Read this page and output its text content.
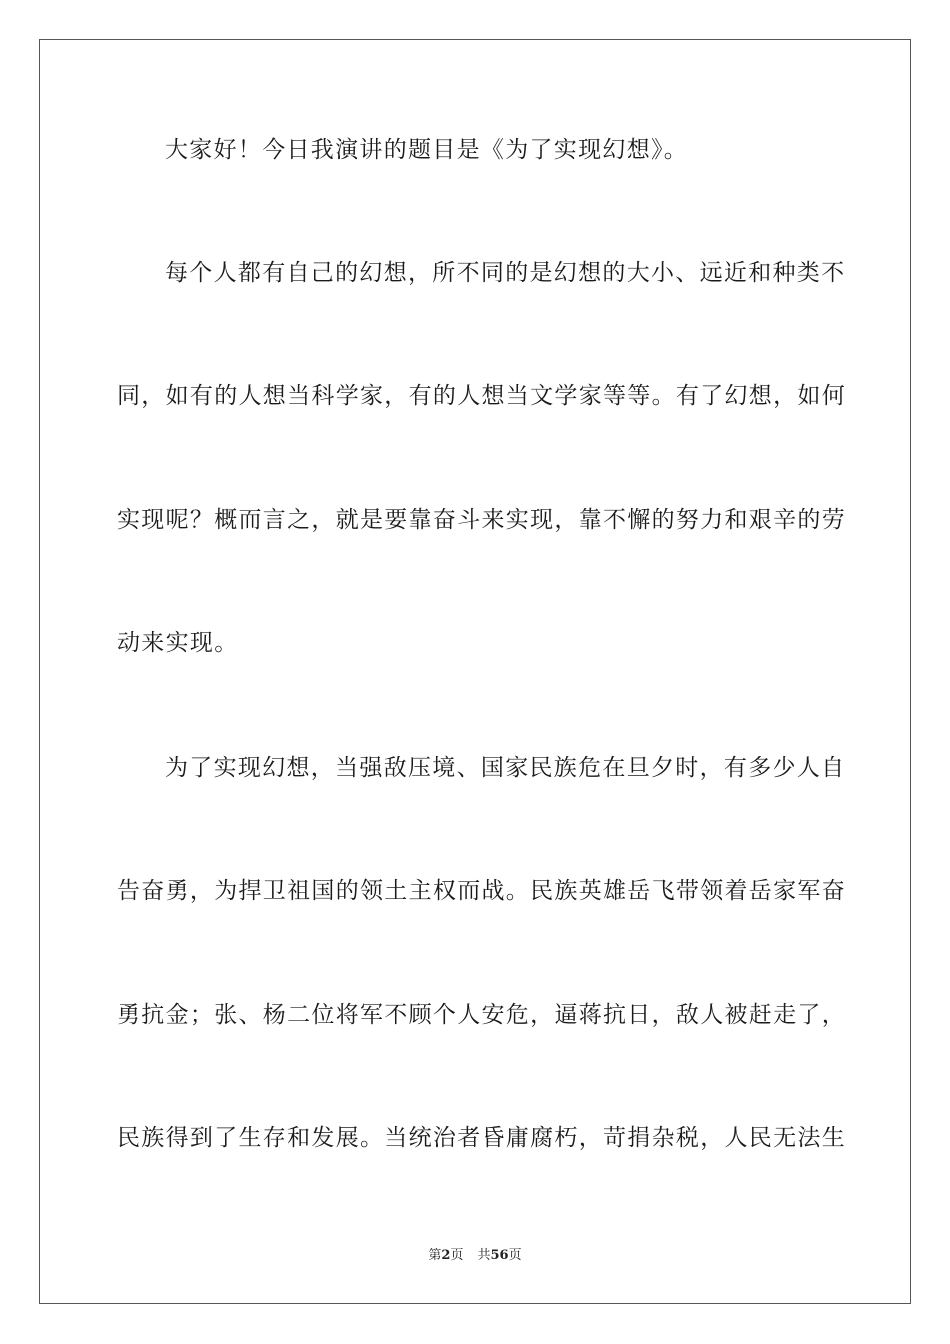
大家好！今日我演讲的题目是《为了实现幻想》。
每个人都有自己的幻想，所不同的是幻想的大小、远近和种类不
同，如有的人想当科学家，有的人想当文学家等等。有了幻想，如何
实现呢？概而言之，就是要靠奋斗来实现，靠不懈的努力和艰辛的劳
动来实现。
为了实现幻想，当强敌压境、国家民族危在旦夕时，有多少人自
告奋勇，为捍卫祖国的领土主权而战。民族英雄岳飞带领着岳家军奋
勇抗金；张、杨二位将军不顾个人安危，逼蒋抗日，敌人被赶走了，
民族得到了生存和发展。当统治者昏庸腐朽，苛捐杂税，人民无法生
第2页 共56页
